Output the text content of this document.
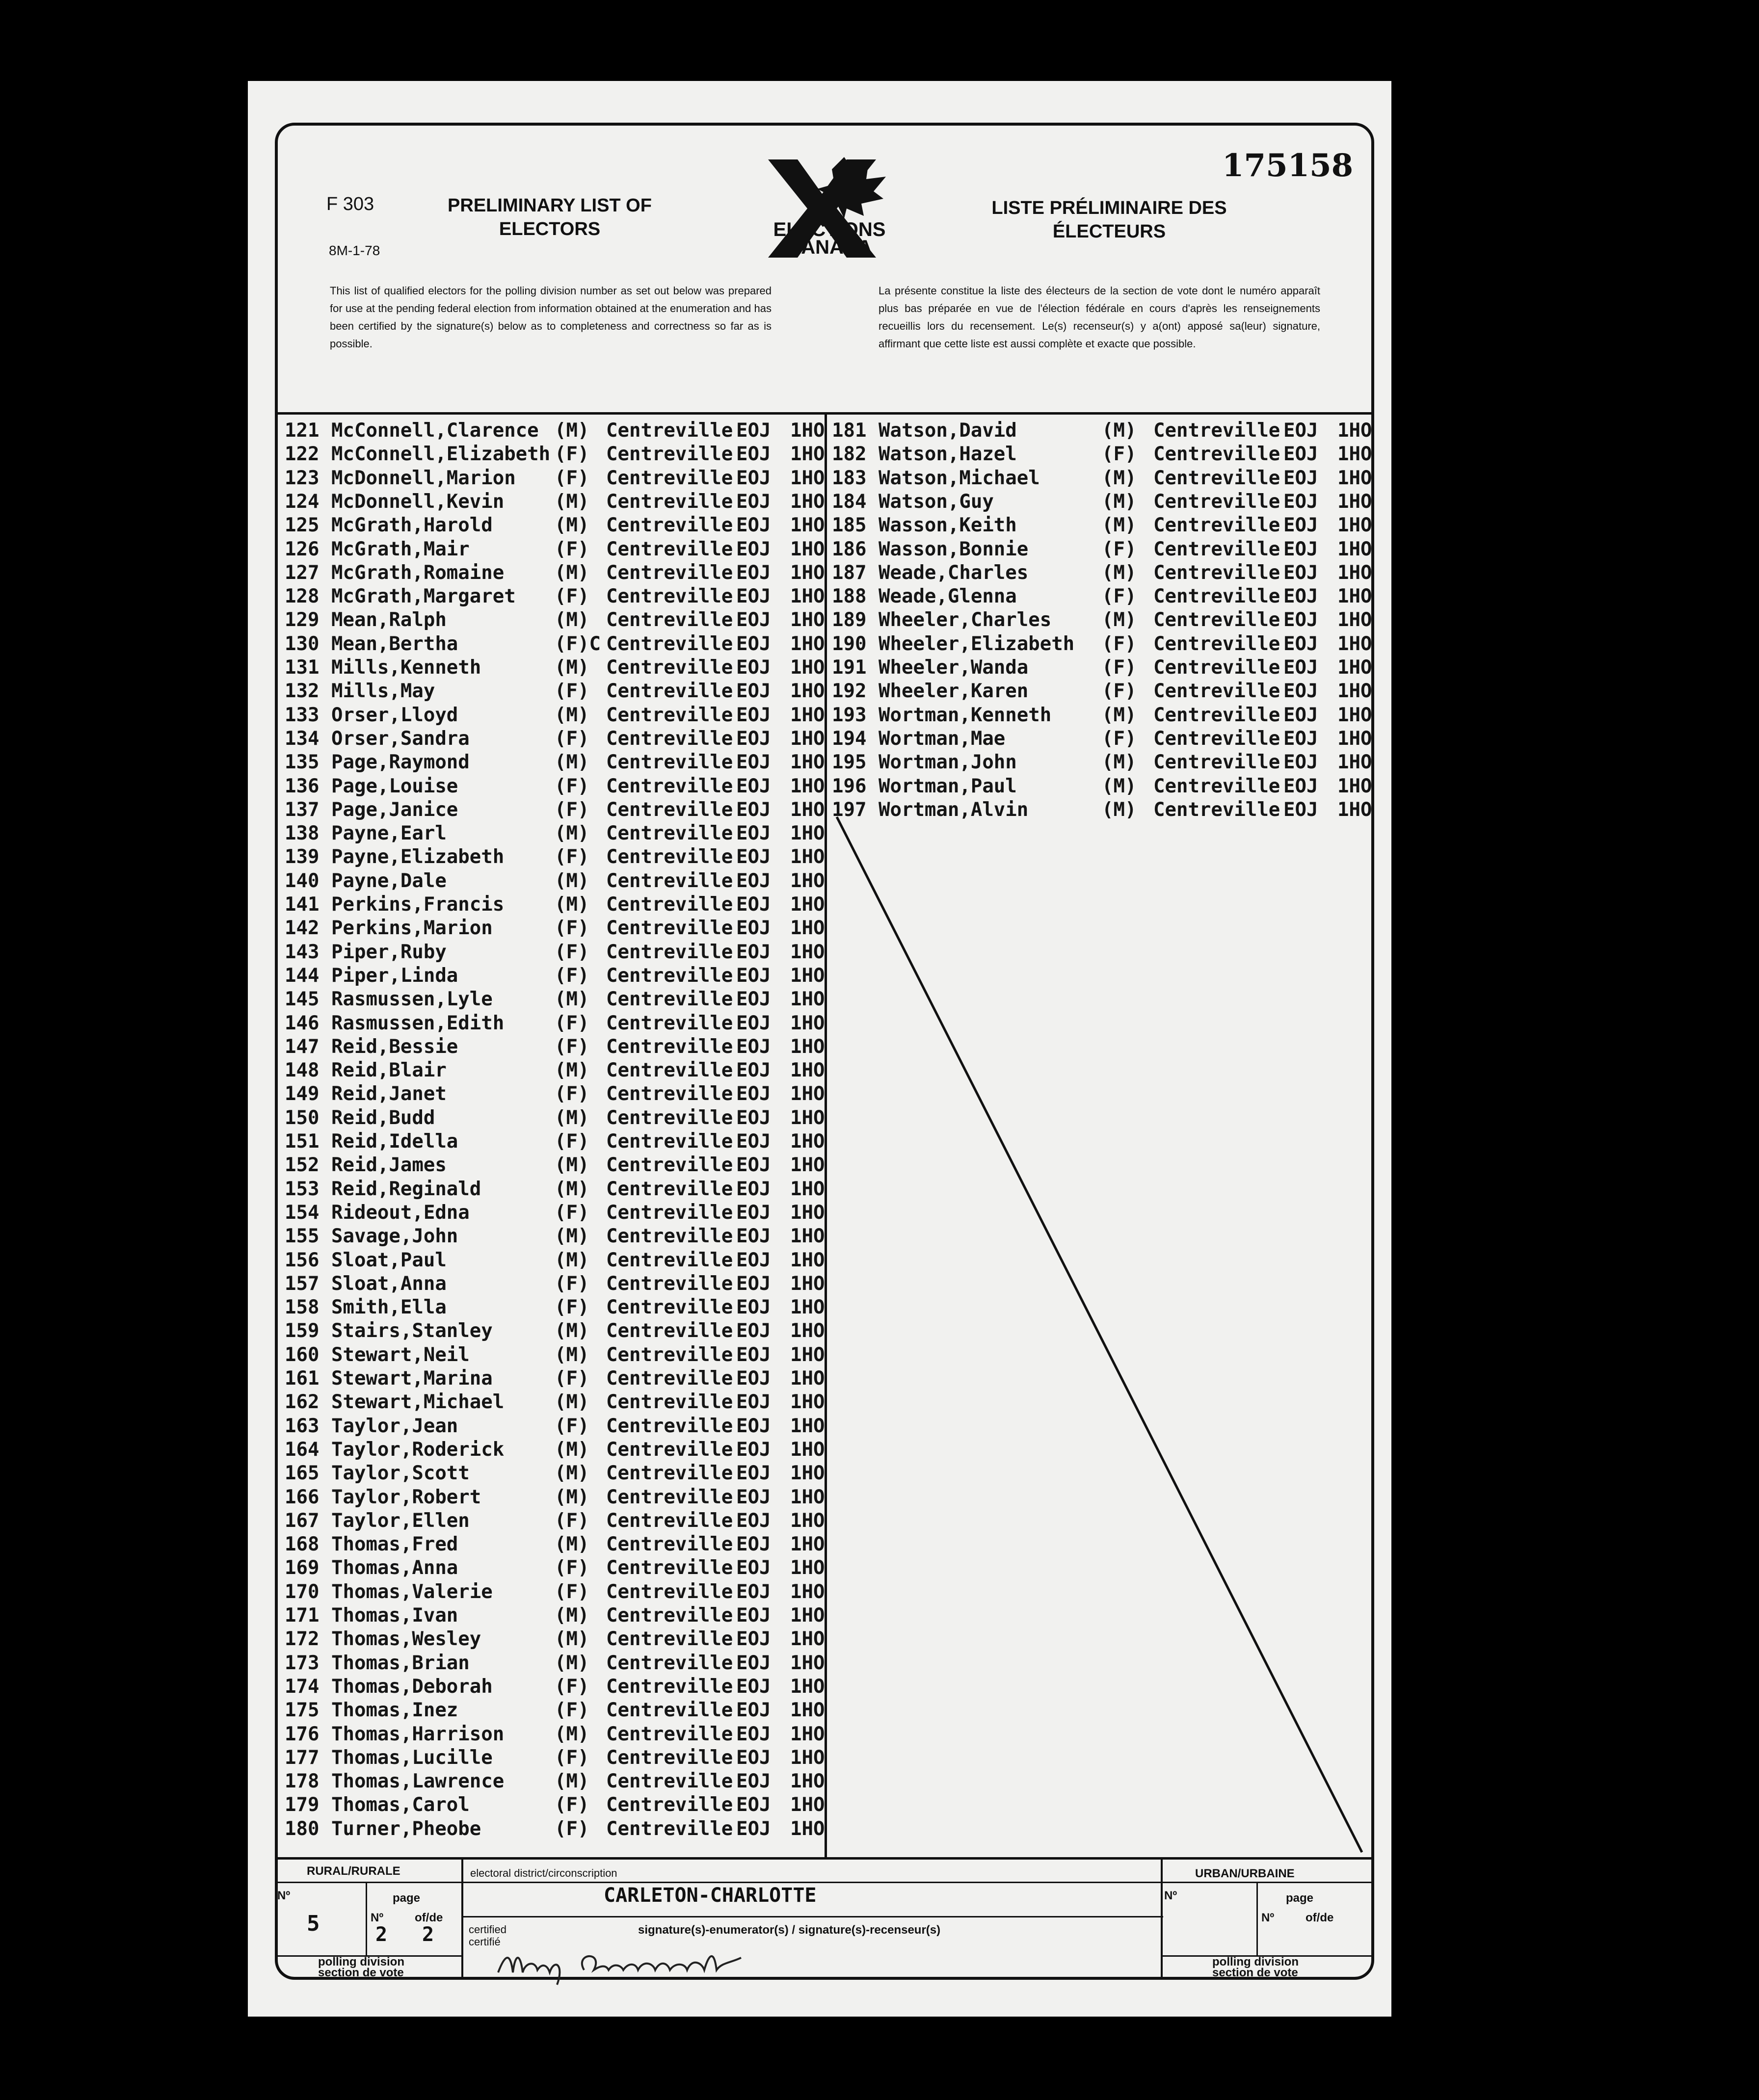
175158
F 303
8M-1-78
PRELIMINARY LIST OF
ELECTORS
LISTE PRÉLIMINAIRE DES
ÉLECTEURS
ELECTIONS
CANADA
This list of qualified electors for the polling division number as set out below was prepared for use at the pending federal election from information obtained at the enumeration and has been certified by the signature(s) below as to completeness and correctness so far as is possible.
La présente constitue la liste des électeurs de la section de vote dont le numéro apparaît plus bas préparée en vue de l'élection fédérale en cours d'après les renseignements recueillis lors du recensement. Le(s) recenseur(s) y a(ont) apposé sa(leur) signature, affirmant que cette liste est aussi complète et exacte que possible.
121 McConnell,Clarence (M) Centreville EOJ 1HO
122 McConnell,Elizabeth (F) Centreville EOJ 1HO
123 McDonnell,Marion (F) Centreville EOJ 1HO
124 McDonnell,Kevin	(M) Centreville EOJ 1HO
125 McGrath,Harold	(M) Centreville EOJ 1HO
126 McGrath,Mair	(F) Centreville EOJ 1HO
127 McGrath,Romaine	(M) Centreville EOJ 1HO
128 McGrath,Margaret (F) Centreville EOJ 1HO
129 Mean,Ralph	(M) Centreville EOJ 1HO
130 Mean,Bertha	(F)C Centreville EOJ 1HO
131 Mills,Kenneth	(M) Centreville EOJ 1HO
132 Mills,May	(F) Centreville EOJ 1HO
133 Orser,Lloyd	(M) Centreville EOJ 1HO
134 Orser,Sandra	(F) Centreville EOJ 1HO
135 Page,Raymond	(M) Centreville EOJ 1HO
136 Page,Louise	(F) Centreville EOJ 1HO
137 Page,Janice	(F) Centreville EOJ 1HO
138 Payne,Earl	(M) Centreville EOJ 1HO
139 Payne,Elizabeth	(F) Centreville EOJ 1HO
140 Payne,Dale	(M) Centreville EOJ 1HO
141 Perkins,Francis	(M) Centreville EOJ 1HO
142 Perkins,Marion	(F) Centreville EOJ 1HO
143 Piper,Ruby	(F) Centreville EOJ 1HO
144 Piper,Linda	(F) Centreville EOJ 1HO
145 Rasmussen,Lyle	(M) Centreville EOJ 1HO
146 Rasmussen,Edith	(F) Centreville EOJ 1HO
147 Reid,Bessie	(F) Centreville EOJ 1HO
148 Reid,Blair	(M) Centreville EOJ 1HO
149 Reid,Janet	(F) Centreville EOJ 1HO
150 Reid,Budd	(M) Centreville EOJ 1HO
151 Reid,Idella	(F) Centreville EOJ 1HO
152 Reid,James	(M) Centreville EOJ 1HO
153 Reid,Reginald	(M) Centreville EOJ 1HO
154 Rideout,Edna	(F) Centreville EOJ 1HO
155 Savage,John	(M) Centreville EOJ 1HO
156 Sloat,Paul	(M) Centreville EOJ 1HO
157 Sloat,Anna	(F) Centreville EOJ 1HO
158 Smith,Ella	(F) Centreville EOJ 1HO
159 Stairs,Stanley	(M) Centreville EOJ 1HO
160 Stewart,Neil	(M) Centreville EOJ 1HO
161 Stewart,Marina	(F) Centreville EOJ 1HO
162 Stewart,Michael	(M) Centreville EOJ 1HO
163 Taylor,Jean	(F) Centreville EOJ 1HO
164 Taylor,Roderick	(M) Centreville EOJ 1HO
165 Taylor,Scott	(M) Centreville EOJ 1HO
166 Taylor,Robert	(M) Centreville EOJ 1HO
167 Taylor,Ellen	(F) Centreville EOJ 1HO
168 Thomas,Fred	(M) Centreville EOJ 1HO
169 Thomas,Anna	(F) Centreville EOJ 1HO
170 Thomas,Valerie	(F) Centreville EOJ 1HO
171 Thomas,Ivan	(M) Centreville EOJ 1HO
172 Thomas,Wesley	(M) Centreville EOJ 1HO
173 Thomas,Brian	(M) Centreville EOJ 1HO
174 Thomas,Deborah	(F) Centreville EOJ 1HO
175 Thomas,Inez	(F) Centreville EOJ 1HO
176 Thomas,Harrison	(M) Centreville EOJ 1HO
177 Thomas,Lucille	(F) Centreville EOJ 1HO
178 Thomas,Lawrence	(M) Centreville EOJ 1HO
179 Thomas,Carol	(F) Centreville EOJ 1HO
180 Turner,Pheobe	(F) Centreville EOJ 1HO
181 Watson,David	(M) Centreville EOJ 1HO
182 Watson,Hazel	(F) Centreville EOJ 1HO
183 Watson,Michael	(M) Centreville EOJ 1HO
184 Watson,Guy	(M) Centreville EOJ 1HO
185 Wasson,Keith	(M) Centreville EOJ 1HO
186 Wasson,Bonnie	(F) Centreville EOJ 1HO
187 Weade,Charles	(M) Centreville EOJ 1HO
188 Weade,Glenna	(F) Centreville EOJ 1HO
189 Wheeler,Charles	(M) Centreville EOJ 1HO
190 Wheeler,Elizabeth (F) Centreville EOJ 1HO
191 Wheeler,Wanda	(F) Centreville EOJ 1HO
192 Wheeler,Karen	(F) Centreville EOJ 1HO
193 Wortman,Kenneth	(M) Centreville EOJ 1HO
194 Wortman,Mae	(F) Centreville EOJ 1HO
195 Wortman,John	(M) Centreville EOJ 1HO
196 Wortman,Paul	(M) Centreville EOJ 1HO
197 Wortman,Alvin	(M) Centreville EOJ 1HO
RURAL/RURALE
Nº	page
5	Nº
2
of/de
2
polling division
section de vote
electoral district/circonscription
CARLETON-CHARLOTTE
certified
certifié
signature(s)-enumerator(s) / signature(s)-recenseur(s)
URBAN/URBAINE
Nº	page
Nº	of/de
polling division
section de vote
